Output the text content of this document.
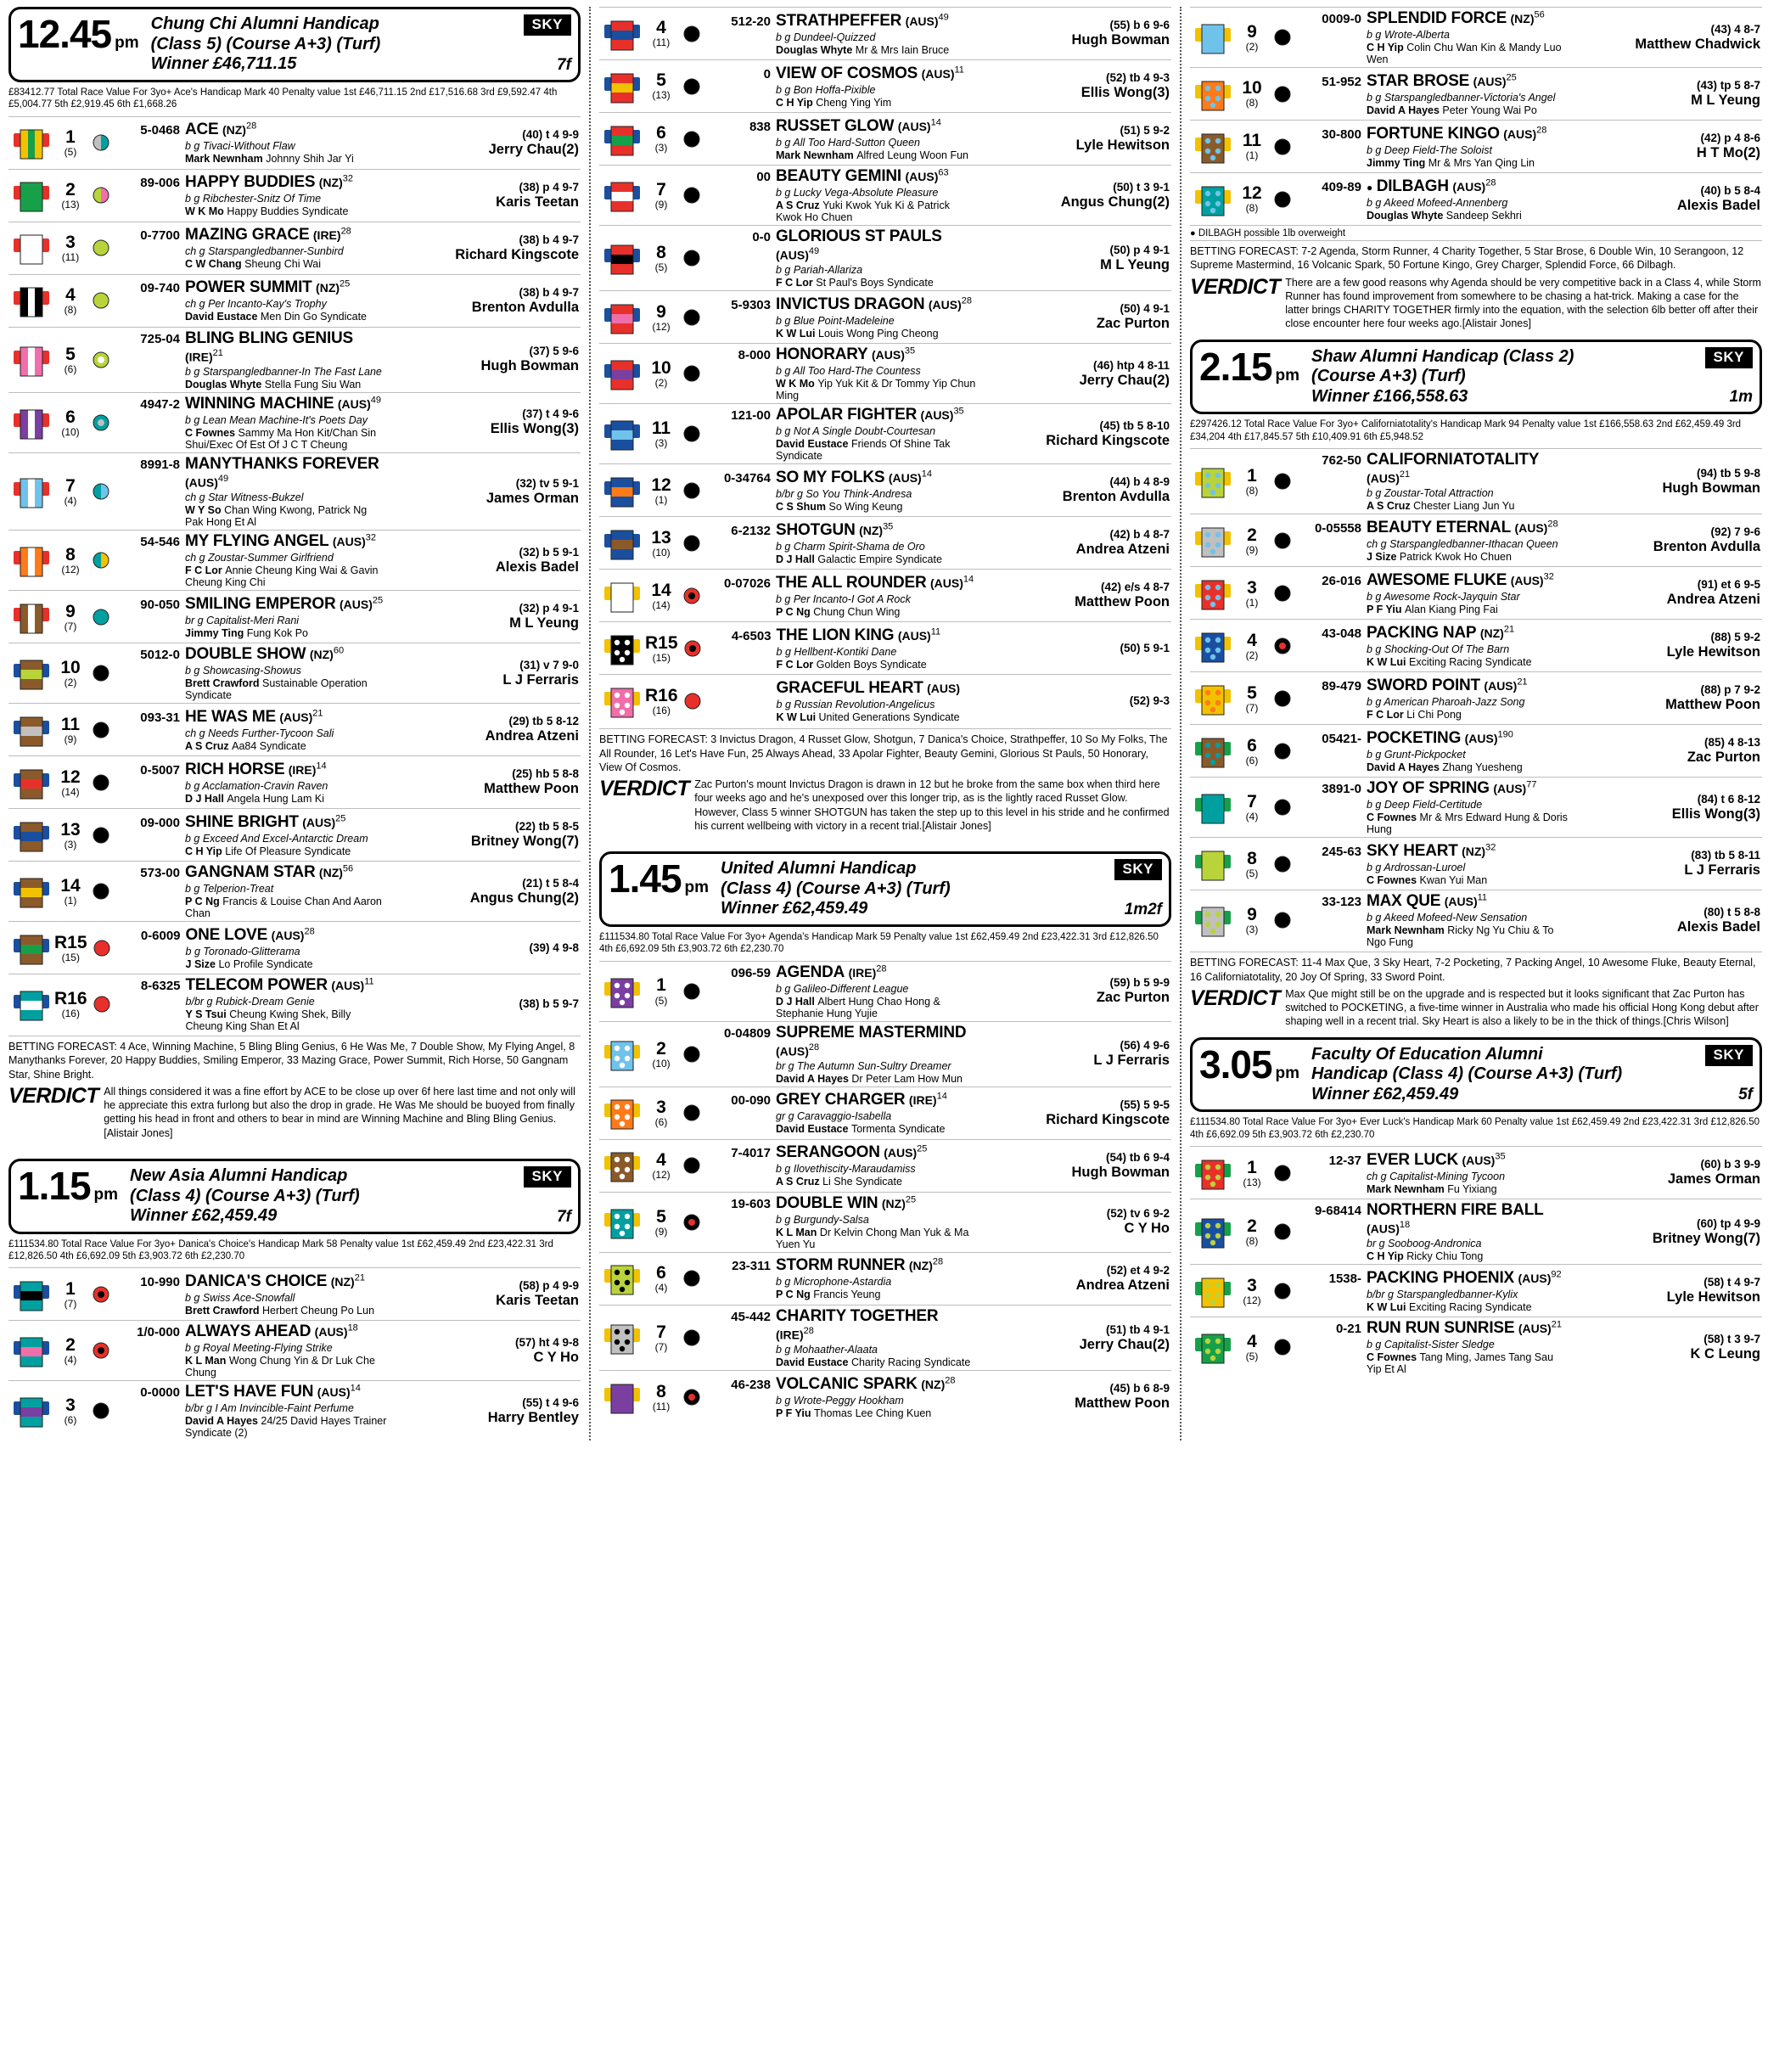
12.45 pm
Chung Chi Alumni Handicap
(Class 5) (Course A+3) (Turf)
Winner £46,711.15
SKY
7f
£83412.77 Total Race Value For 3yo+ Ace's Handicap Mark 40 Penalty value 1st £46,711.15 2nd £17,516.68 3rd £9,592.47 4th £5,004.77 5th £2,919.45 6th £1,668.26
1
(5)
5-0468 ACE (NZ)$^{28}$
b g Tivaci-Without Flaw
Mark Newnham Johnny Shih Jar Yi
(40) t 4 9-9
Jerry Chau(2)
2
(13)
89-006 HAPPY BUDDIES (NZ)$^{32}$
b g Ribchester-Snitz Of Time
W K Mo Happy Buddies Syndicate
(38) p 4 9-7
Karis Teetan
3
(11)
0-7700 MAZING GRACE (IRE)$^{28}$
ch g Starspangledbanner-Sunbird
C W Chang Sheung Chi Wai
(38) b 4 9-7
Richard Kingscote
4
(8)
09-740 POWER SUMMIT (NZ)$^{25}$
ch g Per Incanto-Kay's Trophy
David Eustace Men Din Go Syndicate
(38) b 4 9-7
Brenton Avdulla
5
(6)
725-04 BLING BLING GENIUS (IRE)$^{21}$
b g Starspangledbanner-In The Fast Lane
Douglas Whyte Stella Fung Siu Wan
(37) 5 9-6
Hugh Bowman
6
(10)
4947-2 WINNING MACHINE (AUS)$^{49}$
b g Lean Mean Machine-It's Poets Day
C Fownes Sammy Ma Hon Kit/Chan Sin Shui/Exec Of Est Of J C T Cheung
(37) t 4 9-6
Ellis Wong(3)
7
(4)
8991-8 MANYTHANKS FOREVER (AUS)$^{49}$
ch g Star Witness-Bukzel
W Y So Chan Wing Kwong, Patrick Ng Pak Hong Et Al
(32) tv 5 9-1
James Orman
8
(12)
54-546 MY FLYING ANGEL (AUS)$^{32}$
ch g Zoustar-Summer Girlfriend
F C Lor Annie Cheung King Wai & Gavin Cheung King Chi
(32) b 5 9-1
Alexis Badel
9
(7)
90-050 SMILING EMPEROR (AUS)$^{25}$
br g Capitalist-Meri Rani
Jimmy Ting Fung Kok Po
(32) p 4 9-1
M L Yeung
10
(2)
5012-0 DOUBLE SHOW (NZ)$^{60}$
b g Showcasing-Showus
Brett Crawford Sustainable Operation Syndicate
(31) v 7 9-0
L J Ferraris
11
(9)
093-31 HE WAS ME (AUS)$^{21}$
ch g Needs Further-Tycoon Sali
A S Cruz Aa84 Syndicate
(29) tb 5 8-12
Andrea Atzeni
12
(14)
0-5007 RICH HORSE (IRE)$^{14}$
b g Acclamation-Cravin Raven
D J Hall Angela Hung Lam Ki
(25) hb 5 8-8
Matthew Poon
13
(3)
09-000 SHINE BRIGHT (AUS)$^{25}$
b g Exceed And Excel-Antarctic Dream
C H Yip Life Of Pleasure Syndicate
(22) tb 5 8-5
Britney Wong(7)
14
(1)
573-00 GANGNAM STAR (NZ)$^{56}$
b g Telperion-Treat
P C Ng Francis & Louise Chan And Aaron Chan
(21) t 5 8-4
Angus Chung(2)
R15
(15)
0-6009 ONE LOVE (AUS)$^{28}$
b g Toronado-Glitterama
J Size Lo Profile Syndicate
(39) 4 9-8
R16
(16)
8-6325 TELECOM POWER (AUS)$^{11}$
b/br g Rubick-Dream Genie
Y S Tsui Cheung Kwing Shek, Billy Cheung King Shan Et Al
(38) b 5 9-7
BETTING FORECAST: 4 Ace, Winning Machine, 5 Bling Bling Genius, 6 He Was Me, 7 Double Show, My Flying Angel, 8 Manythanks Forever, 20 Happy Buddies, Smiling Emperor, 33 Mazing Grace, Power Summit, Rich Horse, 50 Gangnam Star, Shine Bright.
VERDICT All things considered it was a fine effort by ACE to be close up over 6f here last time and not only will he appreciate this extra furlong but also the drop in grade. He Was Me should be buoyed from finally getting his head in front and others to bear in mind are Winning Machine and Bling Bling Genius.[Alistair Jones]
1.15 pm
New Asia Alumni Handicap
(Class 4) (Course A+3) (Turf)
Winner £62,459.49
SKY
7f
£111534.80 Total Race Value For 3yo+ Danica's Choice's Handicap Mark 58 Penalty value 1st £62,459.49 2nd £23,422.31 3rd £12,826.50 4th £6,692.09 5th £3,903.72 6th £2,230.70
1
(7)
10-990 DANICA'S CHOICE (NZ)$^{21}$
b g Swiss Ace-Snowfall
Brett Crawford Herbert Cheung Po Lun
(58) p 4 9-9
Karis Teetan
2
(4)
1/0-000 ALWAYS AHEAD (AUS)$^{18}$
b g Royal Meeting-Flying Strike
K L Man Wong Chung Yin & Dr Luk Che Chung
(57) ht 4 9-8
C Y Ho
3
(6)
0-0000 LET'S HAVE FUN (AUS)$^{14}$
b/br g I Am Invincible-Faint Perfume
David A Hayes 24/25 David Hayes Trainer Syndicate (2)
(55) t 4 9-6
Harry Bentley
4
(11)
512-20 STRATHPEFFER (AUS)$^{49}$
b g Dundeel-Quizzed
Douglas Whyte Mr & Mrs Iain Bruce
(55) b 6 9-6
Hugh Bowman
5
(13)
0 VIEW OF COSMOS (AUS)$^{11}$
b g Bon Hoffa-Pixible
C H Yip Cheng Ying Yim
(52) tb 4 9-3
Ellis Wong(3)
6
(3)
838 RUSSET GLOW (AUS)$^{14}$
b g All Too Hard-Sutton Queen
Mark Newnham Alfred Leung Woon Fun
(51) 5 9-2
Lyle Hewitson
7
(9)
00 BEAUTY GEMINI (AUS)$^{63}$
b g Lucky Vega-Absolute Pleasure
A S Cruz Yuki Kwok Yuk Ki & Patrick Kwok Ho Chuen
(50) t 3 9-1
Angus Chung(2)
8
(5)
0-0 GLORIOUS ST PAULS (AUS)$^{49}$
b g Pariah-Allariza
F C Lor St Paul's Boys Syndicate
(50) p 4 9-1
M L Yeung
9
(12)
5-9303 INVICTUS DRAGON (AUS)$^{28}$
b g Blue Point-Madeleine
K W Lui Louis Wong Ping Cheong
(50) 4 9-1
Zac Purton
10
(2)
8-000 HONORARY (AUS)$^{35}$
b g All Too Hard-The Countess
W K Mo Yip Yuk Kit & Dr Tommy Yip Chun Ming
(46) htp 4 8-11
Jerry Chau(2)
11
(3)
121-00 APOLAR FIGHTER (AUS)$^{35}$
b g Not A Single Doubt-Courtesan
David Eustace Friends Of Shine Tak Syndicate
(45) tb 5 8-10
Richard Kingscote
12
(1)
0-34764 SO MY FOLKS (AUS)$^{14}$
b/br g So You Think-Andresa
C S Shum So Wing Keung
(44) b 4 8-9
Brenton Avdulla
13
(10)
6-2132 SHOTGUN (NZ)$^{35}$
b g Charm Spirit-Shama de Oro
D J Hall Galactic Empire Syndicate
(42) b 4 8-7
Andrea Atzeni
14
(14)
0-07026 THE ALL ROUNDER (AUS)$^{14}$
b g Per Incanto-I Got A Rock
P C Ng Chung Chun Wing
(42) e/s 4 8-7
Matthew Poon
R15
(15)
4-6503 THE LION KING (AUS)$^{11}$
b g Hellbent-Kontiki Dane
F C Lor Golden Boys Syndicate
(50) 5 9-1
R16
(16)
GRACEFUL HEART (AUS)
b g Russian Revolution-Angelicus
K W Lui United Generations Syndicate
(52) 9-3
BETTING FORECAST: 3 Invictus Dragon, 4 Russet Glow, Shotgun, 7 Danica's Choice, Strathpeffer, 10 So My Folks, The All Rounder, 16 Let's Have Fun, 25 Always Ahead, 33 Apolar Fighter, Beauty Gemini, Glorious St Pauls, 50 Honorary, View Of Cosmos.
VERDICT Zac Purton's mount Invictus Dragon is drawn in 12 but he broke from the same box when third here four weeks ago and he's unexposed over this longer trip, as is the lightly raced Russet Glow. However, Class 5 winner SHOTGUN has taken the step up to this level in his stride and he confirmed his current wellbeing with victory in a recent trial.[Alistair Jones]
1.45 pm
United Alumni Handicap
(Class 4) (Course A+3) (Turf)
Winner £62,459.49
SKY
1m2f
£111534.80 Total Race Value For 3yo+ Agenda's Handicap Mark 59 Penalty value 1st £62,459.49 2nd £23,422.31 3rd £12,826.50 4th £6,692.09 5th £3,903.72 6th £2,230.70
1
(5)
096-59 AGENDA (IRE)$^{28}$
b g Galileo-Different League
D J Hall Albert Hung Chao Hong & Stephanie Hung Yujie
(59) b 5 9-9
Zac Purton
2
(10)
0-04809 SUPREME MASTERMIND (AUS)$^{28}$
br g The Autumn Sun-Sultry Dreamer
David A Hayes Dr Peter Lam How Mun
(56) 4 9-6
L J Ferraris
3
(6)
00-090 GREY CHARGER (IRE)$^{14}$
gr g Caravaggio-Isabella
David Eustace Tormenta Syndicate
(55) 5 9-5
Richard Kingscote
4
(12)
7-4017 SERANGOON (AUS)$^{25}$
b g Ilovethiscity-Maraudamiss
A S Cruz Li She Syndicate
(54) tb 6 9-4
Hugh Bowman
5
(9)
19-603 DOUBLE WIN (NZ)$^{25}$
b g Burgundy-Salsa
K L Man Dr Kelvin Chong Man Yuk & Ma Yuen Yu
(52) tv 6 9-2
C Y Ho
6
(4)
23-311 STORM RUNNER (NZ)$^{28}$
b g Microphone-Astardia
P C Ng Francis Yeung
(52) et 4 9-2
Andrea Atzeni
7
(7)
45-442 CHARITY TOGETHER (IRE)$^{28}$
b g Mohaather-Alaata
David Eustace Charity Racing Syndicate
(51) tb 4 9-1
Jerry Chau(2)
8
(11)
46-238 VOLCANIC SPARK (NZ)$^{28}$
b g Wrote-Peggy Hookham
P F Yiu Thomas Lee Ching Kuen
(45) b 6 8-9
Matthew Poon
9
(2)
0009-0 SPLENDID FORCE (NZ)$^{56}$
b g Wrote-Alberta
C H Yip Colin Chu Wan Kin & Mandy Luo Wen
(43) 4 8-7
Matthew Chadwick
10
(8)
51-952 STAR BROSE (AUS)$^{25}$
b g Starspangledbanner-Victoria's Angel
David A Hayes Peter Young Wai Po
(43) tp 5 8-7
M L Yeung
11
(1)
30-800 FORTUNE KINGO (AUS)$^{28}$
b g Deep Field-The Soloist
Jimmy Ting Mr & Mrs Yan Qing Lin
(42) p 4 8-6
H T Mo(2)
12
(8)
409-89 ● DILBAGH (AUS)$^{28}$
b g Akeed Mofeed-Annenberg
Douglas Whyte Sandeep Sekhri
(40) b 5 8-4
Alexis Badel
● DILBAGH possible 1lb overweight
BETTING FORECAST: 7-2 Agenda, Storm Runner, 4 Charity Together, 5 Star Brose, 6 Double Win, 10 Serangoon, 12 Supreme Mastermind, 16 Volcanic Spark, 50 Fortune Kingo, Grey Charger, Splendid Force, 66 Dilbagh.
VERDICT There are a few good reasons why Agenda should be very competitive back in a Class 4, while Storm Runner has found improvement from somewhere to be chasing a hat-trick. Making a case for the latter brings CHARITY TOGETHER firmly into the equation, with the selection 6lb better off after their close encounter here four weeks ago.[Alistair Jones]
2.15 pm
Shaw Alumni Handicap (Class 2)
(Course A+3) (Turf)
Winner £166,558.63
SKY
1m
£297426.12 Total Race Value For 3yo+ Californiatotality's Handicap Mark 94 Penalty value 1st £166,558.63 2nd £62,459.49 3rd £34,204 4th £17,845.57 5th £10,409.91 6th £5,948.52
1
(8)
762-50 CALIFORNIATOTALITY (AUS)$^{21}$
b g Zoustar-Total Attraction
A S Cruz Chester Liang Jun Yu
(94) tb 5 9-8
Hugh Bowman
2
(9)
0-05558 BEAUTY ETERNAL (AUS)$^{28}$
ch g Starspangledbanner-Ithacan Queen
J Size Patrick Kwok Ho Chuen
(92) 7 9-6
Brenton Avdulla
3
(1)
26-016 AWESOME FLUKE (AUS)$^{32}$
b g Awesome Rock-Jayquin Star
P F Yiu Alan Kiang Ping Fai
(91) et 6 9-5
Andrea Atzeni
4
(2)
43-048 PACKING NAP (NZ)$^{21}$
b g Shocking-Out Of The Barn
K W Lui Exciting Racing Syndicate
(88) 5 9-2
Lyle Hewitson
5
(7)
89-479 SWORD POINT (AUS)$^{21}$
b g American Pharoah-Jazz Song
F C Lor Li Chi Pong
(88) p 7 9-2
Matthew Poon
6
(6)
05421- POCKETING (AUS)$^{190}$
b g Grunt-Pickpocket
David A Hayes Zhang Yuesheng
(85) 4 8-13
Zac Purton
7
(4)
3891-0 JOY OF SPRING (AUS)$^{77}$
b g Deep Field-Certitude
C Fownes Mr & Mrs Edward Hung & Doris Hung
(84) t 6 8-12
Ellis Wong(3)
8
(5)
245-63 SKY HEART (NZ)$^{32}$
b g Ardrossan-Luroel
C Fownes Kwan Yui Man
(83) tb 5 8-11
L J Ferraris
9
(3)
33-123 MAX QUE (AUS)$^{11}$
b g Akeed Mofeed-New Sensation
Mark Newnham Ricky Ng Yu Chiu & To Ngo Fung
(80) t 5 8-8
Alexis Badel
BETTING FORECAST: 11-4 Max Que, 3 Sky Heart, 7-2 Pocketing, 7 Packing Angel, 10 Awesome Fluke, Beauty Eternal, 16 Californiatotality, 20 Joy Of Spring, 33 Sword Point.
VERDICT Max Que might still be on the upgrade and is respected but it looks significant that Zac Purton has switched to POCKETING, a five-time winner in Australia who made his official Hong Kong debut after shaping well in a recent trial. Sky Heart is also a likely to be in the thick of things.[Chris Wilson]
3.05 pm
Faculty Of Education Alumni
Handicap (Class 4) (Course A+3) (Turf)
Winner £62,459.49
SKY
5f
£111534.80 Total Race Value For 3yo+ Ever Luck's Handicap Mark 60 Penalty value 1st £62,459.49 2nd £23,422.31 3rd £12,826.50 4th £6,692.09 5th £3,903.72 6th £2,230.70
1
(13)
12-37 EVER LUCK (AUS)$^{35}$
ch g Capitalist-Mining Tycoon
Mark Newnham Fu Yixiang
(60) b 3 9-9
James Orman
2
(8)
9-68414 NORTHERN FIRE BALL (AUS)$^{18}$
br g Sooboog-Andronica
C H Yip Ricky Chiu Tong
(60) tp 4 9-9
Britney Wong(7)
3
(12)
1538- PACKING PHOENIX (AUS)$^{92}$
b/br g Starspangledbanner-Kylix
K W Lui Exciting Racing Syndicate
(58) t 4 9-7
Lyle Hewitson
4
(5)
0-21 RUN RUN SUNRISE (AUS)$^{21}$
b g Capitalist-Sister Sledge
C Fownes Tang Ming, James Tang Sau Yip Et Al
(58) t 3 9-7
K C Leung
